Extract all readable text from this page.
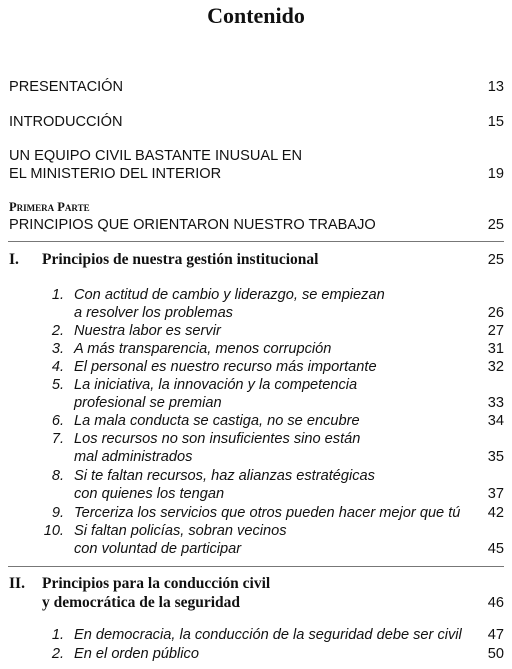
Contenido
PRESENTACIÓN	13
INTRODUCCIÓN	15
UN EQUIPO CIVIL BASTANTE INUSUAL EN
EL MINISTERIO DEL INTERIOR	19
Primera Parte
PRINCIPIOS QUE ORIENTARON NUESTRO TRABAJO	25
I. Principios de nuestra gestión institucional	25
1. Con actitud de cambio y liderazgo, se empiezan
a resolver los problemas	26
2. Nuestra labor es servir	27
3. A más transparencia, menos corrupción	31
4. El personal es nuestro recurso más importante	32
5. La iniciativa, la innovación y la competencia
profesional se premian	33
6. La mala conducta se castiga, no se encubre	34
7. Los recursos no son insuficientes sino están
mal administrados	35
8. Si te faltan recursos, haz alianzas estratégicas
con quienes los tengan	37
9. Terceriza los servicios que otros pueden hacer mejor que tú 42
10. Si faltan policías, sobran vecinos
con voluntad de participar	45
II. Principios para la conducción civil
y democrática de la seguridad	46
1. En democracia, la conducción de la seguridad debe ser civil 47
2. En el orden público	50
